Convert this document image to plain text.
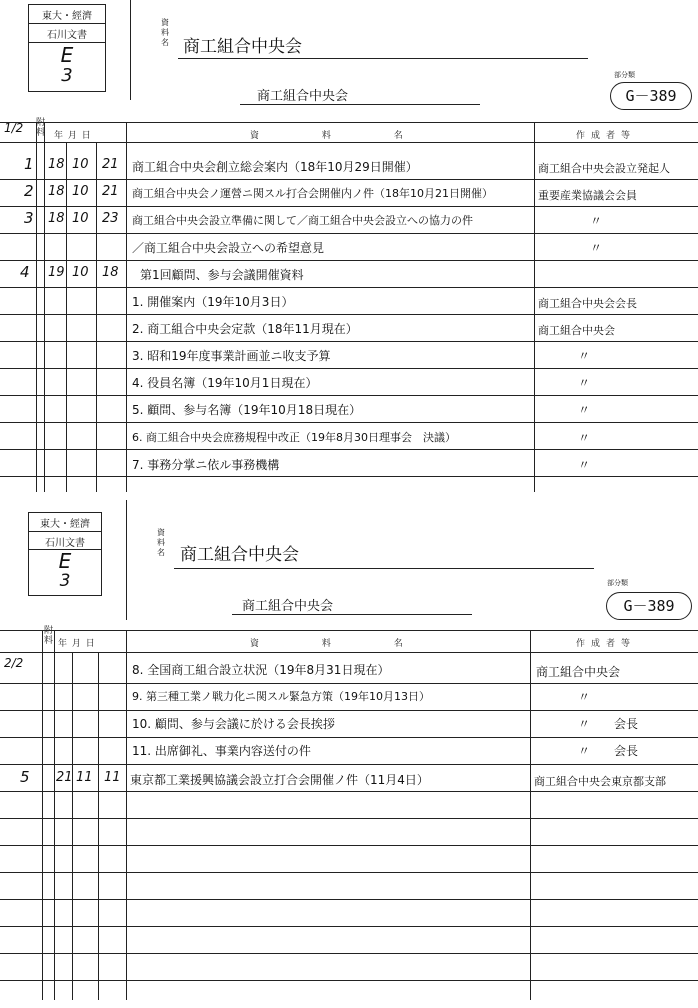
東大・經濟
石川文書
E
3
資料名 商工組合中央会
商工組合中央会
部分類
G－389
1/2 附料 年 月 日	資 料 名	作成者等
1 18 10 21 商工組合中央会創立総会案内（18年10月29日開催）	商工組合中央会設立発起人
2 18 10 21 商工組合中央会ノ運營ニ関スル打合会開催内ノ件（18年10月21日開催）	重要産業協議会会員
3 18 10 23 商工組合中央会設立準備に関して／商工組合中央会設立への協力の件	〃
／商工組合中央会設立への希望意見	〃
4 19 10 18 第1回顧問、参与会議開催資料
1. 開催案内（19年10月3日）	商工組合中央会会長
2. 商工組合中央会定款（18年11月現在）	商工組合中央会
3. 昭和19年度事業計画並ニ收支予算	〃
4. 役員名簿（19年10月1日現在）	〃
5. 顧問、参与名簿（19年10月18日現在）	〃
6. 商工組合中央会庶務規程中改正（19年8月30日理事会　決議）	〃
7. 事務分掌ニ依ル事務機構	〃
東大・經濟
石川文書
E
3
資料名 商工組合中央会
商工組合中央会
部分類
G－389
2/2
附料 年 月 日	資 料 名	作成者等
8. 全国商工組合設立状況（19年8月31日現在）	商工組合中央会
9. 第三種工業ノ戦力化ニ関スル緊急方策（19年10月13日）	〃
10. 顧問、参与会議に於ける会長挨拶	〃　　会長
11. 出席御礼、事業内容送付の件	〃　　会長
5 21 11 11 東京都工業援興協議会設立打合会開催ノ件（11月4日）	商工組合中央会東京都支部
